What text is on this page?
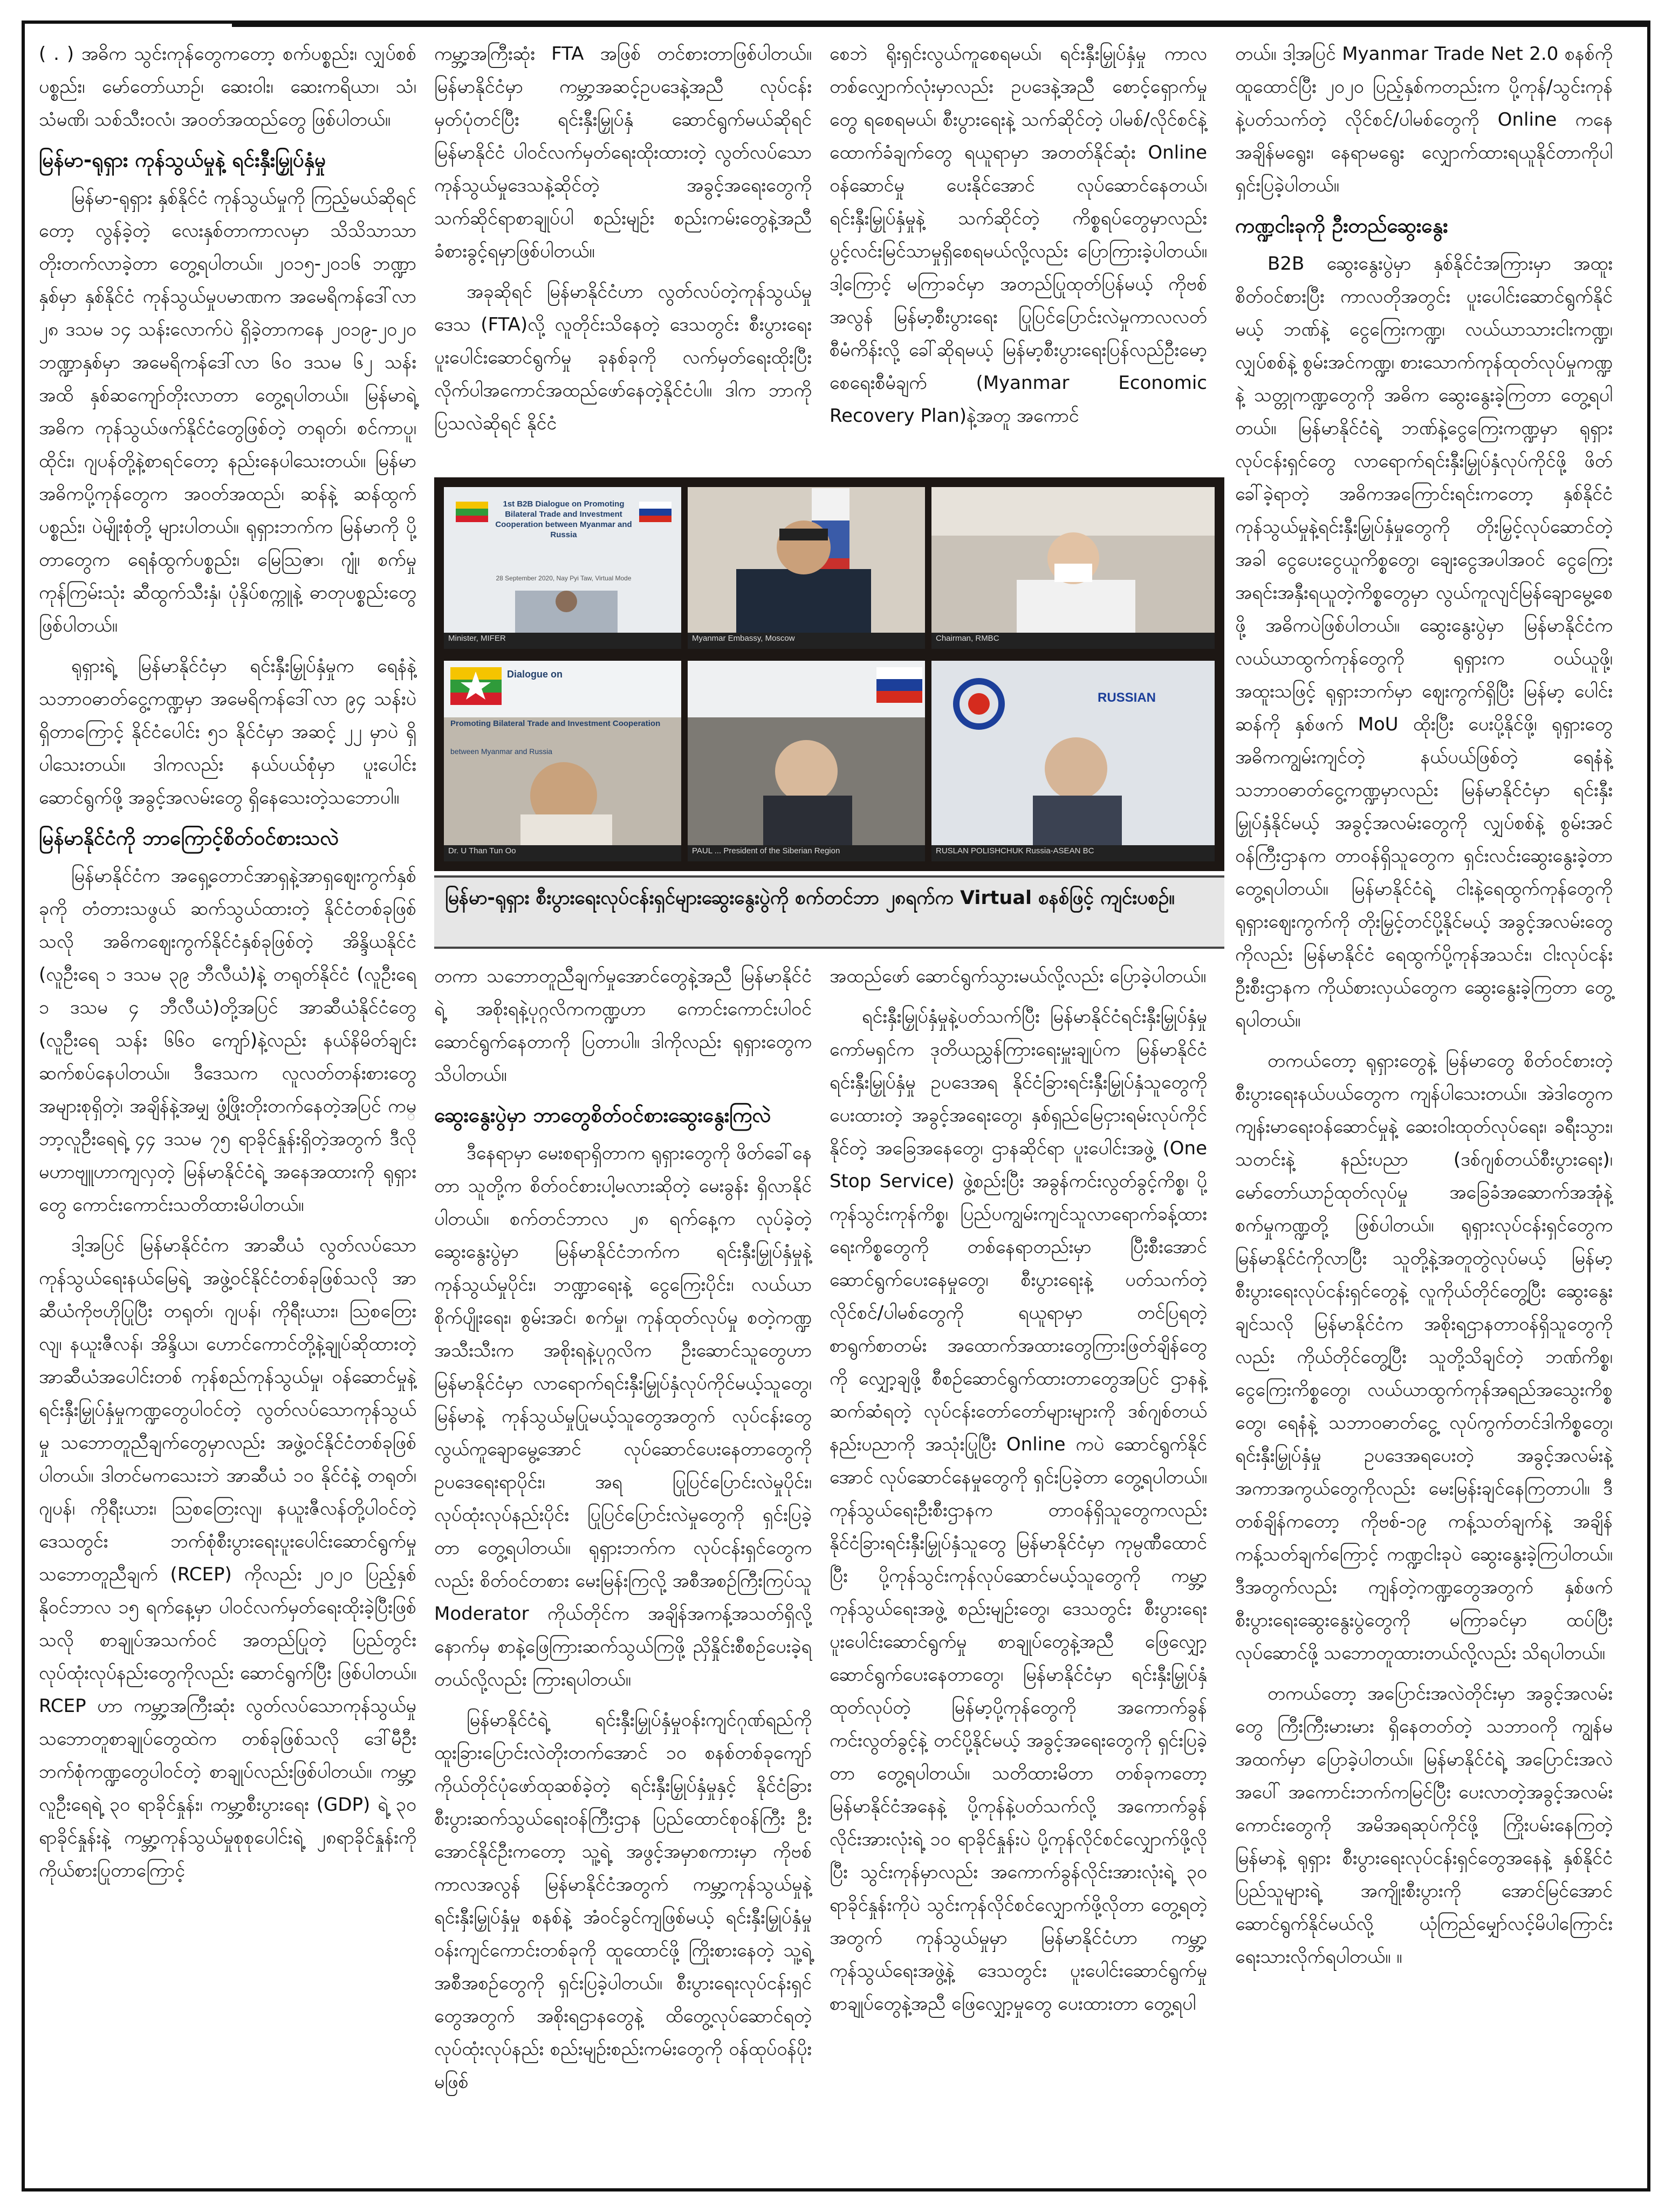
( . ) အဓိက သွင်းကုန်တွေကတော့ စက်ပစ္စည်း၊ လျှပ်စစ်ပစ္စည်း၊ မော်တော်ယာဉ်၊ ဆေးဝါး၊ ဆေးကရိယာ၊ သံ၊ သံမဏိ၊ သစ်သီးဝလံ၊ အဝတ်အထည်တွေ ဖြစ်ပါတယ်။

မြန်မာ-ရုရှား ကုန်သွယ်မှုနဲ့ ရင်းနှီးမြှုပ်နှံမှု

မြန်မာ-ရုရှား နှစ်နိုင်ငံ ကုန်သွယ်မှုကို ကြည့်မယ်ဆိုရင်တော့ လွန်ခဲ့တဲ့ လေးနှစ်တာကာလမှာ သိသိသာသာတိုးတက်လာခဲ့တာ တွေ့ရပါတယ်။ ၂၀၁၅-၂၀၁၆ ဘဏ္ဍာနှစ်မှာ နှစ်နိုင်ငံ ကုန်သွယ်မှုပမာဏက အမေရိကန်ဒေါ်လာ ၂၈ ဒသမ ၁၄ သန်းလောက်ပဲ ရှိခဲ့တာကနေ ၂၀၁၉-၂၀၂၀ ဘဏ္ဍာနှစ်မှာ အမေရိကန်ဒေါ်လာ ၆၀ ဒသမ ၆၂ သန်းအထိ နှစ်ဆကျော်တိုးလာတာ တွေ့ရပါတယ်။ မြန်မာရဲ့ အဓိက ကုန်သွယ်ဖက်နိုင်ငံတွေဖြစ်တဲ့ တရုတ်၊ စင်ကာပူ၊ ထိုင်း၊ ဂျပန်တို့နဲ့စာရင်တော့ နည်းနေပါသေးတယ်။ မြန်မာ အဓိကပို့ကုန်တွေက အဝတ်အထည်၊ ဆန်နဲ့ ဆန်ထွက်ပစ္စည်း၊ ပဲမျိုးစုံတို့ များပါတယ်။ ရုရှားဘက်က မြန်မာကို ပို့တာတွေက ရေနံထွက်ပစ္စည်း၊ မြေသြဇာ၊ ဂျုံ၊ စက်မှုကုန်ကြမ်းသုံး ဆီထွက်သီးနှံ၊ ပုံနှိပ်စက္ကူနဲ့ ဓာတုပစ္စည်းတွေ ဖြစ်ပါတယ်။

ရုရှားရဲ့ မြန်မာနိုင်ငံမှာ ရင်းနှီးမြှုပ်နှံမှုက ရေနံနဲ့ သဘာဝဓာတ်ငွေ့ကဏ္ဍမှာ အမေရိကန်ဒေါ်လာ ၉၄ သန်းပဲရှိတာကြောင့် နိုင်ငံပေါင်း ၅၁ နိုင်ငံမှာ အဆင့် ၂၂ မှာပဲ ရှိပါသေးတယ်။ ဒါကလည်း နယ်ပယ်စုံမှာ ပူးပေါင်းဆောင်ရွက်ဖို့ အခွင့်အလမ်းတွေ ရှိနေသေးတဲ့သဘောပါ။

မြန်မာနိုင်ငံကို ဘာကြောင့်စိတ်ဝင်စားသလဲ

မြန်မာနိုင်ငံက အရှေ့တောင်အာရှနဲ့အာရှဈေးကွက်နှစ်ခုကို တံတားသဖွယ် ဆက်သွယ်ထားတဲ့ နိုင်ငံတစ်ခုဖြစ်သလို အဓိကဈေးကွက်နိုင်ငံနှစ်ခုဖြစ်တဲ့ အိန္ဒိယနိုင်ငံ (လူဦးရေ ၁ ဒသမ ၃၉ ဘီလီယံ)နဲ့ တရုတ်နိုင်ငံ (လူဦးရေ ၁ ဒသမ ၄ ဘီလီယံ)တို့အပြင် အာဆီယံနိုင်ငံတွေ (လူဦးရေ သန်း ၆၆၀ ကျော်)နဲ့လည်း နယ်နိမိတ်ချင်း ဆက်စပ်နေပါတယ်။ ဒီဒေသက လူလတ်တန်းစားတွေ အများစုရှိတဲ့၊ အချိန်နဲ့အမျှ ဖွံ့ဖြိုးတိုးတက်နေတဲ့အပြင် ကမ္ဘာ့လူဦးရေရဲ့ ၄၄ ဒသမ ၇၅ ရာခိုင်နှုန်းရှိတဲ့အတွက် ဒီလိုမဟာဗျူဟာကျလှတဲ့ မြန်မာနိုင်ငံရဲ့ အနေအထားကို ရုရှားတွေ ကောင်းကောင်းသတိထားမိပါတယ်။

ဒါ့အပြင် မြန်မာနိုင်ငံက အာဆီယံ လွတ်လပ်သောကုန်သွယ်ရေးနယ်မြေရဲ့ အဖွဲ့ဝင်နိုင်ငံတစ်ခုဖြစ်သလို အာဆီယံကိုဗဟိုပြုပြီး တရုတ်၊ ဂျပန်၊ ကိုရီးယား၊ သြစတြေးလျ၊ နယူးဇီလန်၊ အိန္ဒိယ၊ ဟောင်ကောင်တို့နဲ့ချုပ်ဆိုထားတဲ့ အာဆီယံအပေါင်းတစ် ကုန်စည်ကုန်သွယ်မှု၊ ဝန်ဆောင်မှုနဲ့ ရင်းနှီးမြှုပ်နှံမှုကဏ္ဍတွေပါဝင်တဲ့ လွတ်လပ်သောကုန်သွယ်မှု သဘောတူညီချက်တွေမှာလည်း အဖွဲ့ဝင်နိုင်ငံတစ်ခုဖြစ်ပါတယ်။ ဒါတင်မကသေးဘဲ အာဆီယံ ၁၀ နိုင်ငံနဲ့ တရုတ်၊ ဂျပန်၊ ကိုရီးယား၊ သြစတြေးလျ၊ နယူးဇီလန်တို့ပါဝင်တဲ့ ဒေသတွင်း ဘက်စုံစီးပွားရေးပူးပေါင်းဆောင်ရွက်မှု သဘောတူညီချက် (RCEP) ကိုလည်း ၂၀၂၀ ပြည့်နှစ် နိုဝင်ဘာလ ၁၅ ရက်နေ့မှာ ပါဝင်လက်မှတ်ရေးထိုးခဲ့ပြီးဖြစ်သလို စာချုပ်အသက်ဝင် အတည်ပြုတဲ့ ပြည်တွင်း လုပ်ထုံးလုပ်နည်းတွေကိုလည်း ဆောင်ရွက်ပြီး ဖြစ်ပါတယ်။ RCEP ဟာ ကမ္ဘာ့အကြီးဆုံး လွတ်လပ်သောကုန်သွယ်မှုသဘောတူစာချုပ်တွေထဲက တစ်ခုဖြစ်သလို ဒေါ်မီဦး ဘက်စုံကဏ္ဍတွေပါဝင်တဲ့ စာချုပ်လည်းဖြစ်ပါတယ်။ ကမ္ဘာ့လူဦးရေရဲ့ ၃၀ ရာခိုင်နှုန်း၊ ကမ္ဘာ့စီးပွားရေး (GDP) ရဲ့ ၃၀ ရာခိုင်နှုန်းနဲ့ ကမ္ဘာ့ကုန်သွယ်မှုစုစုပေါင်းရဲ့ ၂၈ရာခိုင်နှုန်းကို ကိုယ်စားပြုတာကြောင့်

ကမ္ဘာ့အကြီးဆုံး FTA အဖြစ် တင်စားတာဖြစ်ပါတယ်။ မြန်မာနိုင်ငံမှာ ကမ္ဘာ့အဆင့်ဥပဒေနဲ့အညီ လုပ်ငန်းမှတ်ပုံတင်ပြီး ရင်းနှီးမြှုပ်နှံ ဆောင်ရွက်မယ်ဆိုရင် မြန်မာနိုင်ငံ ပါဝင်လက်မှတ်ရေးထိုးထားတဲ့ လွတ်လပ်သောကုန်သွယ်မှုဒေသနဲ့ဆိုင်တဲ့ အခွင့်အရေးတွေကို သက်ဆိုင်ရာစာချုပ်ပါ စည်းမျဉ်း စည်းကမ်းတွေနဲ့အညီ ခံစားခွင့်ရမှာဖြစ်ပါတယ်။

အခုဆိုရင် မြန်မာနိုင်ငံဟာ လွတ်လပ်တဲ့ကုန်သွယ်မှုဒေသ (FTA)လို့ လူတိုင်းသိနေတဲ့ ဒေသတွင်း စီးပွားရေးပူးပေါင်းဆောင်ရွက်မှု ခုနစ်ခုကို လက်မှတ်ရေးထိုးပြီး လိုက်ပါအကောင်အထည်ဖော်နေတဲ့နိုင်ငံပါ။ ဒါက ဘာကိုပြသလဲဆိုရင် နိုင်ငံ

စေဘဲ ရိုးရှင်းလွယ်ကူစေရမယ်၊ ရင်းနှီးမြှုပ်နှံမှု ကာလတစ်လျှောက်လုံးမှာလည်း ဥပဒေနဲ့အညီ စောင့်ရှောက်မှုတွေ ရစေရမယ်၊ စီးပွားရေးနဲ့ သက်ဆိုင်တဲ့ ပါမစ်/လိုင်စင်နဲ့ ထောက်ခံချက်တွေ ရယူရာမှာ အတတ်နိုင်ဆုံး Online ဝန်ဆောင်မှု ပေးနိုင်အောင် လုပ်ဆောင်နေတယ်၊ ရင်းနှီးမြှုပ်နှံမှုနဲ့ သက်ဆိုင်တဲ့ ကိစ္စရပ်တွေမှာလည်း ပွင့်လင်းမြင်သာမှုရှိစေရမယ်လို့လည်း ပြောကြားခဲ့ပါတယ်။ ဒါ့ကြောင့် မကြာခင်မှာ အတည်ပြုထုတ်ပြန်မယ့် ကိုဗစ်အလွန် မြန်မာ့စီးပွားရေး ပြုပြင်ပြောင်းလဲမှုကာလလတ်စီမံကိန်းလို့ ခေါ်ဆိုရမယ့် မြန်မာ့စီးပွားရေးပြန်လည်ဦးမော့စေရေးစီမံချက် (Myanmar Economic Recovery Plan)နဲ့အတူ အကောင်

1st B2B Dialogue on Promoting Bilateral Trade and Investment Cooperation between Myanmar and Russia
28 September 2020, Nay Pyi Taw, Virtual Mode
Minister, MIFER	Myanmar Embassy, Moscow	Chairman, RMBC
Dialogue on
Promoting Bilateral Trade and Investment Cooperation
between Myanmar and Russia
Dr. U Than Tun Oo	PAUL ... President of the Siberian Region
RUSSIAN
RUSLAN POLISHCHUK Russia-ASEAN BC
မြန်မာ-ရုရှား စီးပွားရေးလုပ်ငန်းရှင်များဆွေးနွေးပွဲကို စက်တင်ဘာ ၂၈ရက်က Virtual စနစ်ဖြင့် ကျင်းပစဉ်။

တကာ သဘောတူညီချက်မှုအောင်တွေနဲ့အညီ မြန်မာနိုင်ငံရဲ့ အစိုးရနဲ့ပုဂ္ဂလိကကဏ္ဍဟာ ကောင်းကောင်းပါဝင်ဆောင်ရွက်နေတာကို ပြတာပါ။ ဒါကိုလည်း ရုရှားတွေက သိပါတယ်။

ဆွေးနွေးပွဲမှာ ဘာတွေစိတ်ဝင်စားဆွေးနွေးကြလဲ

ဒီနေရာမှာ မေးစရာရှိတာက ရုရှားတွေကို ဖိတ်ခေါ်နေတာ သူတို့က စိတ်ဝင်စားပါ့မလားဆိုတဲ့ မေးခွန်း ရှိလာနိုင်ပါတယ်။ စက်တင်ဘာလ ၂၈ ရက်နေ့က လုပ်ခဲ့တဲ့ ဆွေးနွေးပွဲမှာ မြန်မာနိုင်ငံဘက်က ရင်းနှီးမြှုပ်နှံမှုနဲ့ ကုန်သွယ်မှုပိုင်း၊ ဘဏ္ဍာရေးနဲ့ ငွေကြေးပိုင်း၊ လယ်ယာစိုက်ပျိုးရေး၊ စွမ်းအင်၊ စက်မှု၊ ကုန်ထုတ်လုပ်မှု စတဲ့ကဏ္ဍအသီးသီးက အစိုးရနဲ့ပုဂ္ဂလိက ဦးဆောင်သူတွေဟာ မြန်မာနိုင်ငံမှာ လာရောက်ရင်းနှီးမြှုပ်နှံလုပ်ကိုင်မယ့်သူတွေ၊ မြန်မာနဲ့ ကုန်သွယ်မှုပြုမယ့်သူတွေအတွက် လုပ်ငန်းတွေ လွယ်ကူချောမွေ့အောင် လုပ်ဆောင်ပေးနေတာတွေကို ဥပဒေရေးရာပိုင်း၊ အရ ပြုပြင်ပြောင်းလဲမှုပိုင်း၊ လုပ်ထုံးလုပ်နည်းပိုင်း ပြုပြင်ပြောင်းလဲမှုတွေကို ရှင်းပြခဲ့တာ တွေ့ရပါတယ်။ ရုရှားဘက်က လုပ်ငန်းရှင်တွေကလည်း စိတ်ဝင်တစား မေးမြန်းကြလို့ အစီအစဉ်ကြီးကြပ်သူ Moderator ကိုယ်တိုင်က အချိန်အကန့်အသတ်ရှိလို့ နောက်မှ စာနဲ့ဖြေကြားဆက်သွယ်ကြဖို့ ညှိနှိုင်းစီစဉ်ပေးခဲ့ရတယ်လို့လည်း ကြားရပါတယ်။

မြန်မာနိုင်ငံရဲ့ ရင်းနှီးမြှုပ်နှံမှုဝန်းကျင်ဂုဏ်ရည်ကို ထူးခြားပြောင်းလဲတိုးတက်အောင် ၁၀ စနစ်တစ်ခုကျော် ကိုယ်တိုင်ပုံဖော်ထုဆစ်ခဲ့တဲ့ ရင်းနှီးမြှုပ်နှံမှုနှင့် နိုင်ငံခြားစီးပွားဆက်သွယ်ရေးဝန်ကြီးဌာန ပြည်ထောင်စုဝန်ကြီး ဦးအောင်နိုင်ဦးကတော့ သူ့ရဲ့ အဖွင့်အမှာစကားမှာ ကိုဗစ်ကာလအလွန် မြန်မာနိုင်ငံအတွက် ကမ္ဘာ့ကုန်သွယ်မှုနဲ့ ရင်းနှီးမြှုပ်နှံမှု စနစ်နဲ့ အံဝင်ခွင်ကျဖြစ်မယ့် ရင်းနှီးမြှုပ်နှံမှု ဝန်းကျင်ကောင်းတစ်ခုကို ထူထောင်ဖို့ ကြိုးစားနေတဲ့ သူ့ရဲ့အစီအစဉ်တွေကို ရှင်းပြခဲ့ပါတယ်။ စီးပွားရေးလုပ်ငန်းရှင်တွေအတွက် အစိုးရဌာနတွေနဲ့ ထိတွေ့လုပ်ဆောင်ရတဲ့ လုပ်ထုံးလုပ်နည်း စည်းမျဉ်းစည်းကမ်းတွေကို ဝန်ထုပ်ဝန်ပိုး မဖြစ်

အထည်ဖော် ဆောင်ရွက်သွားမယ်လို့လည်း ပြောခဲ့ပါတယ်။

ရင်းနှီးမြှုပ်နှံမှုနဲ့ပတ်သက်ပြီး မြန်မာနိုင်ငံရင်းနှီးမြှုပ်နှံမှုကော်မရှင်က ဒုတိယညွှန်ကြားရေးမှူးချုပ်က မြန်မာနိုင်ငံ ရင်းနှီးမြှုပ်နှံမှု ဥပဒေအရ နိုင်ငံခြားရင်းနှီးမြှုပ်နှံသူတွေကို ပေးထားတဲ့ အခွင့်အရေးတွေ၊ နှစ်ရှည်မြေငှားရမ်းလုပ်ကိုင်နိုင်တဲ့ အခြေအနေတွေ၊ ဌာနဆိုင်ရာ ပူးပေါင်းအဖွဲ့ (One Stop Service) ဖွဲ့စည်းပြီး အခွန်ကင်းလွတ်ခွင့်ကိစ္စ၊ ပို့ကုန်သွင်းကုန်ကိစ္စ၊ ပြည်ပကျွမ်းကျင်သူလာရောက်ခန့်ထားရေးကိစ္စတွေကို တစ်နေရာတည်းမှာ ပြီးစီးအောင် ဆောင်ရွက်ပေးနေမှုတွေ၊ စီးပွားရေးနဲ့ ပတ်သက်တဲ့ လိုင်စင်/ပါမစ်တွေကို ရယူရာမှာ တင်ပြရတဲ့ စာရွက်စာတမ်း အထောက်အထားတွေကြားဖြတ်ချိန်တွေကို လျှော့ချဖို့ စီစဉ်ဆောင်ရွက်ထားတာတွေအပြင် ဌာနနဲ့ဆက်ဆံရတဲ့ လုပ်ငန်းတော်တော်များများကို ဒစ်ဂျစ်တယ်နည်းပညာကို အသုံးပြုပြီး Online ကပဲ ဆောင်ရွက်နိုင်အောင် လုပ်ဆောင်နေမှုတွေကို ရှင်းပြခဲ့တာ တွေ့ရပါတယ်။ ကုန်သွယ်ရေးဦးစီးဌာနက တာဝန်ရှိသူတွေကလည်း နိုင်ငံခြားရင်းနှီးမြှုပ်နှံသူတွေ မြန်မာနိုင်ငံမှာ ကုမ္ပဏီထောင်ပြီး ပို့ကုန်သွင်းကုန်လုပ်ဆောင်မယ့်သူတွေကို ကမ္ဘာ့ကုန်သွယ်ရေးအဖွဲ့ စည်းမျဉ်းတွေ၊ ဒေသတွင်း စီးပွားရေးပူးပေါင်းဆောင်ရွက်မှု စာချုပ်တွေနဲ့အညီ ဖြေလျှော့ဆောင်ရွက်ပေးနေတာတွေ၊ မြန်မာနိုင်ငံမှာ ရင်းနှီးမြှုပ်နှံထုတ်လုပ်တဲ့ မြန်မာ့ပို့ကုန်တွေကို အကောက်ခွန်ကင်းလွတ်ခွင့်နဲ့ တင်ပို့နိုင်မယ့် အခွင့်အရေးတွေကို ရှင်းပြခဲ့တာ တွေ့ရပါတယ်။ သတိထားမိတာ တစ်ခုကတော့ မြန်မာနိုင်ငံအနေနဲ့ ပို့ကုန်နဲ့ပတ်သက်လို့ အကောက်ခွန်လိုင်းအားလုံးရဲ့ ၁၀ ရာခိုင်နှုန်းပဲ ပို့ကုန်လိုင်စင်လျှောက်ဖို့လိုပြီး သွင်းကုန်မှာလည်း အကောက်ခွန်လိုင်းအားလုံးရဲ့ ၃၀ ရာခိုင်နှုန်းကိုပဲ သွင်းကုန်လိုင်စင်လျှောက်ဖို့လိုတာ တွေ့ရတဲ့အတွက် ကုန်သွယ်မှုမှာ မြန်မာနိုင်ငံဟာ ကမ္ဘာ့ကုန်သွယ်ရေးအဖွဲ့နဲ့ ဒေသတွင်း ပူးပေါင်းဆောင်ရွက်မှု စာချုပ်တွေနဲ့အညီ ဖြေလျှော့မှုတွေ ပေးထားတာ တွေ့ရပါ

တယ်။ ဒါ့အပြင် Myanmar Trade Net 2.0 စနစ်ကို ထူထောင်ပြီး ၂၀၂၀ ပြည့်နှစ်ကတည်းက ပို့ကုန်/သွင်းကုန်နဲ့ပတ်သက်တဲ့ လိုင်စင်/ပါမစ်တွေကို Online ကနေ အချိန်မရွေး၊ နေရာမရွေး လျှောက်ထားရယူနိုင်တာကိုပါ ရှင်းပြခဲ့ပါတယ်။

ကဏ္ဍငါးခုကို ဦးတည်ဆွေးနွေး

B2B ဆွေးနွေးပွဲမှာ နှစ်နိုင်ငံအကြားမှာ အထူးစိတ်ဝင်စားပြီး ကာလတိုအတွင်း ပူးပေါင်းဆောင်ရွက်နိုင်မယ့် ဘဏ်နဲ့ ငွေကြေးကဏ္ဍ၊ လယ်ယာသားငါးကဏ္ဍ၊ လျှပ်စစ်နဲ့ စွမ်းအင်ကဏ္ဍ၊ စားသောက်ကုန်ထုတ်လုပ်မှုကဏ္ဍနဲ့ သတ္တုကဏ္ဍတွေကို အဓိက ဆွေးနွေးခဲ့ကြတာ တွေ့ရပါတယ်။ မြန်မာနိုင်ငံရဲ့ ဘဏ်နဲ့ငွေကြေးကဏ္ဍမှာ ရုရှားလုပ်ငန်းရှင်တွေ လာရောက်ရင်းနှီးမြှုပ်နှံလုပ်ကိုင်ဖို့ ဖိတ်ခေါ်ခဲ့ရာတဲ့ အဓိကအကြောင်းရင်းကတော့ နှစ်နိုင်ငံ ကုန်သွယ်မှုနဲ့ရင်းနှီးမြှုပ်နှံမှုတွေကို တိုးမြှင့်လုပ်ဆောင်တဲ့အခါ ငွေပေးငွေယူကိစ္စတွေ၊ ချေးငွေအပါအဝင် ငွေကြေးအရင်းအနှီးရယူတဲ့ကိစ္စတွေမှာ လွယ်ကူလျင်မြန်ချောမွေ့စေဖို့ အဓိကပဲဖြစ်ပါတယ်။ ဆွေးနွေးပွဲမှာ မြန်မာနိုင်ငံက လယ်ယာထွက်ကုန်တွေကို ရုရှားက ဝယ်ယူဖို့၊ အထူးသဖြင့် ရုရှားဘက်မှာ ဈေးကွက်ရှိပြီး မြန်မာ့ ပေါင်းဆန်ကို နှစ်ဖက် MoU ထိုးပြီး ပေးပို့နိုင်ဖို့၊ ရုရှားတွေ အဓိကကျွမ်းကျင်တဲ့ နယ်ပယ်ဖြစ်တဲ့ ရေနံနဲ့ သဘာဝဓာတ်ငွေ့ကဏ္ဍမှာလည်း မြန်မာနိုင်ငံမှာ ရင်းနှီးမြှုပ်နှံနိုင်မယ့် အခွင့်အလမ်းတွေကို လျှပ်စစ်နဲ့ စွမ်းအင်ဝန်ကြီးဌာနက တာဝန်ရှိသူတွေက ရှင်းလင်းဆွေးနွေးခဲ့တာ တွေ့ရပါတယ်။ မြန်မာနိုင်ငံရဲ့ ငါးနဲ့ရေထွက်ကုန်တွေကို ရုရှားဈေးကွက်ကို တိုးမြှင့်တင်ပို့နိုင်မယ့် အခွင့်အလမ်းတွေကိုလည်း မြန်မာနိုင်ငံ ရေထွက်ပို့ကုန်အသင်း၊ ငါးလုပ်ငန်း ဦးစီးဌာနက ကိုယ်စားလှယ်တွေက ဆွေးနွေးခဲ့ကြတာ တွေ့ရပါတယ်။

တကယ်တော့ ရုရှားတွေနဲ့ မြန်မာတွေ စိတ်ဝင်စားတဲ့ စီးပွားရေးနယ်ပယ်တွေက ကျန်ပါသေးတယ်။ အဲဒါတွေက ကျန်းမာရေးဝန်ဆောင်မှုနဲ့ ဆေးဝါးထုတ်လုပ်ရေး၊ ခရီးသွား၊ သတင်းနဲ့ နည်းပညာ (ဒစ်ဂျစ်တယ်စီးပွားရေး)၊ မော်တော်ယာဉ်ထုတ်လုပ်မှု အခြေခံအဆောက်အအုံနဲ့ စက်မှုကဏ္ဍတို့ ဖြစ်ပါတယ်။ ရုရှားလုပ်ငန်းရှင်တွေက မြန်မာနိုင်ငံကိုလာပြီး သူတို့နဲ့အတူတွဲလုပ်မယ့် မြန်မာ့စီးပွားရေးလုပ်ငန်းရှင်တွေနဲ့ လူကိုယ်တိုင်တွေ့ပြီး ဆွေးနွေးချင်သလို မြန်မာနိုင်ငံက အစိုးရဌာနတာဝန်ရှိသူတွေကိုလည်း ကိုယ်တိုင်တွေ့ပြီး သူတို့သိချင်တဲ့ ဘဏ်ကိစ္စ၊ ငွေကြေးကိစ္စတွေ၊ လယ်ယာထွက်ကုန်အရည်အသွေးကိစ္စတွေ၊ ရေနံနဲ့ သဘာဝဓာတ်ငွေ့ လုပ်ကွက်တင်ဒါကိစ္စတွေ၊ ရင်းနှီးမြှုပ်နှံမှု ဥပဒေအရပေးတဲ့ အခွင့်အလမ်းနဲ့အကာအကွယ်တွေကိုလည်း မေးမြန်းချင်နေကြတာပါ။ ဒီတစ်ချိန်ကတော့ ကိုဗစ်-၁၉ ကန့်သတ်ချက်နဲ့ အချိန်ကန့်သတ်ချက်ကြောင့် ကဏ္ဍငါးခုပဲ ဆွေးနွေးခဲ့ကြပါတယ်။ ဒီအတွက်လည်း ကျန်တဲ့ကဏ္ဍတွေအတွက် နှစ်ဖက် စီးပွားရေးဆွေးနွေးပွဲတွေကို မကြာခင်မှာ ထပ်ပြီးလုပ်ဆောင်ဖို့ သဘောတူထားတယ်လို့လည်း သိရပါတယ်။

တကယ်တော့ အပြောင်းအလဲတိုင်းမှာ အခွင့်အလမ်းတွေ ကြီးကြီးမားမား ရှိနေတတ်တဲ့ သဘာဝကို ကျွန်မ အထက်မှာ ပြောခဲ့ပါတယ်။ မြန်မာနိုင်ငံရဲ့ အပြောင်းအလဲအပေါ် အကောင်းဘက်ကမြင်ပြီး ပေးလာတဲ့အခွင့်အလမ်းကောင်းတွေကို အမိအရဆုပ်ကိုင်ဖို့ ကြိုးပမ်းနေကြတဲ့ မြန်မာနဲ့ ရုရှား စီးပွားရေးလုပ်ငန်းရှင်တွေအနေနဲ့ နှစ်နိုင်ငံ ပြည်သူများရဲ့ အကျိုးစီးပွားကို အောင်မြင်အောင် ဆောင်ရွက်နိုင်မယ်လို့ ယုံကြည်မျှော်လင့်မိပါကြောင်း ရေးသားလိုက်ရပါတယ်။ ။
